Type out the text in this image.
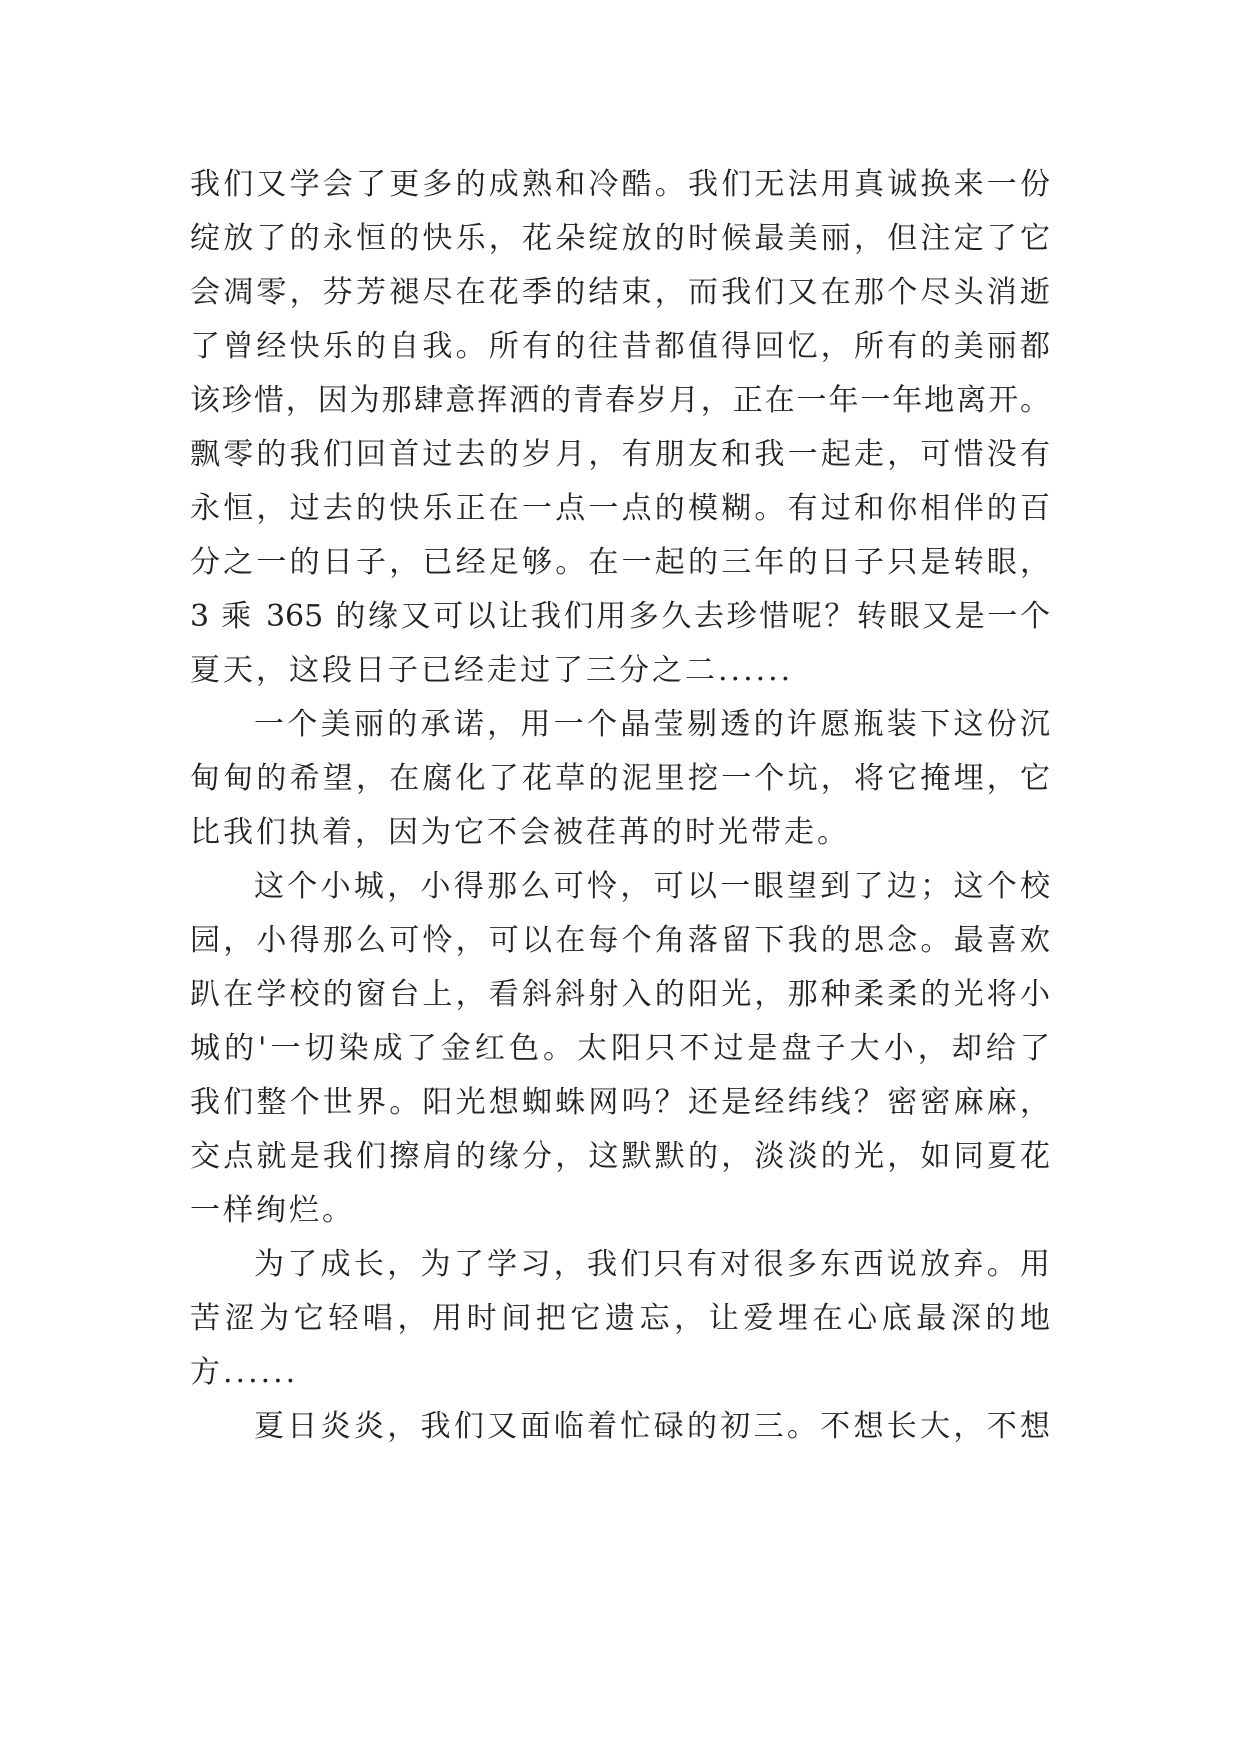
我们又学会了更多的成熟和冷酷。我们无法用真诚换来一份
绽放了的永恒的快乐，花朵绽放的时候最美丽，但注定了它
会凋零，芬芳褪尽在花季的结束，而我们又在那个尽头消逝
了曾经快乐的自我。所有的往昔都值得回忆，所有的美丽都
该珍惜，因为那肆意挥洒的青春岁月，正在一年一年地离开。
飘零的我们回首过去的岁月，有朋友和我一起走，可惜没有
永恒，过去的快乐正在一点一点的模糊。有过和你相伴的百
分之一的日子，已经足够。在一起的三年的日子只是转眼，
3 乘 365 的缘又可以让我们用多久去珍惜呢？转眼又是一个
夏天，这段日子已经走过了三分之二......
一个美丽的承诺，用一个晶莹剔透的许愿瓶装下这份沉
甸甸的希望，在腐化了花草的泥里挖一个坑，将它掩埋，它
比我们执着，因为它不会被荏苒的时光带走。
这个小城，小得那么可怜，可以一眼望到了边；这个校
园，小得那么可怜，可以在每个角落留下我的思念。最喜欢
趴在学校的窗台上，看斜斜射入的阳光，那种柔柔的光将小
城的'一切染成了金红色。太阳只不过是盘子大小，却给了
我们整个世界。阳光想蜘蛛网吗？还是经纬线？密密麻麻，
交点就是我们擦肩的缘分，这默默的，淡淡的光，如同夏花
一样绚烂。
为了成长，为了学习，我们只有对很多东西说放弃。用
苦涩为它轻唱，用时间把它遗忘，让爱埋在心底最深的地
方......
夏日炎炎，我们又面临着忙碌的初三。不想长大，不想
